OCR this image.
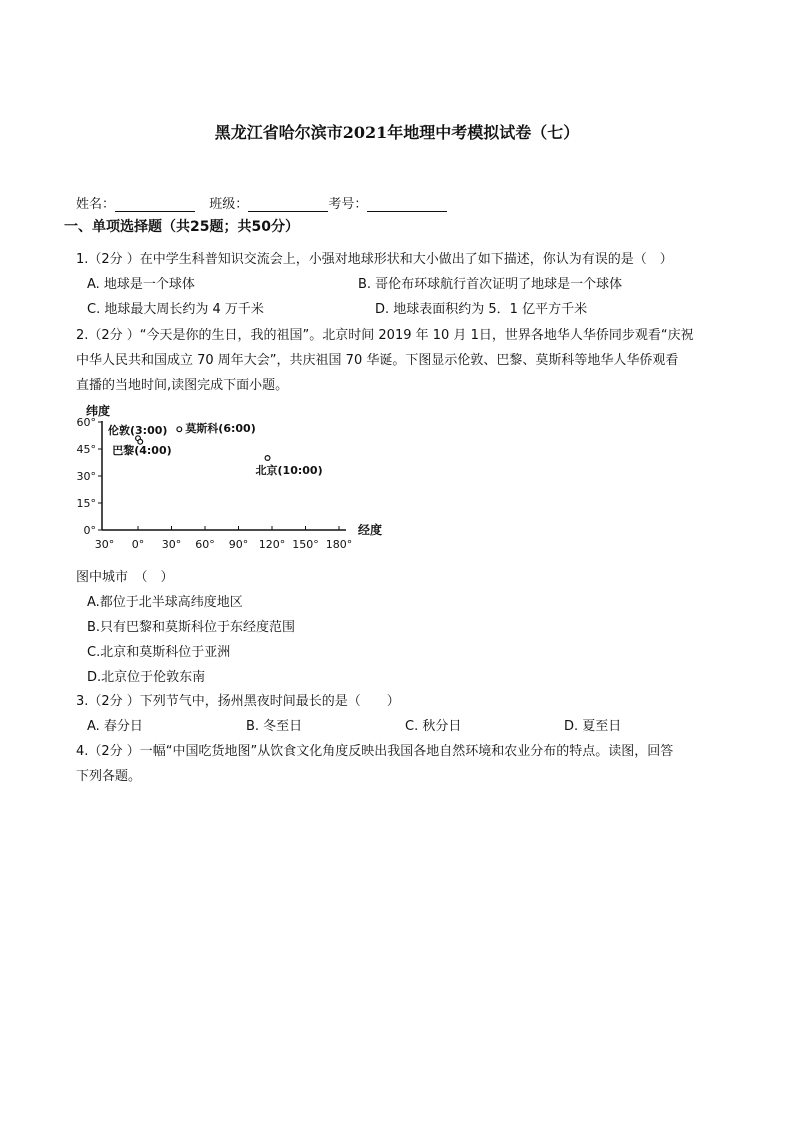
黑龙江省哈尔滨市2021年地理中考模拟试卷（七）
姓名：	班级：	考号：
一、单项选择题（共25题；共50分）
1.（2分 ）在中学生科普知识交流会上，小强对地球形状和大小做出了如下描述，你认为有误的是（　）
A. 地球是一个球体	B. 哥伦布环球航行首次证明了地球是一个球体
C. 地球最大周长约为 4 万千米	D. 地球表面积约为 5．1 亿平方千米
2.（2分 ）“今天是你的生日，我的祖国”。北京时间 2019 年 10 月 1日，世界各地华人华侨同步观看“庆祝
中华人民共和国成立 70 周年大会”，共庆祖国 70 华诞。下图显示伦敦、巴黎、莫斯科等地华人华侨观看
直播的当地时间,读图完成下面小题。
纬度
经度
60°
45°
30°
15°
0°
30° 0° 30° 60° 90° 120° 150° 180°
伦敦(3:00)
巴黎(4:00)
莫斯科(6:00)
北京(10:00)
图中城市　（　）
A.都位于北半球高纬度地区
B.只有巴黎和莫斯科位于东经度范围
C.北京和莫斯科位于亚洲
D.北京位于伦敦东南
3.（2分 ）下列节气中，扬州黑夜时间最长的是（　　）
A. 春分日	B. 冬至日	C. 秋分日	D. 夏至日
4.（2分 ）一幅“中国吃货地图”从饮食文化角度反映出我国各地自然环境和农业分布的特点。读图，回答
下列各题。
